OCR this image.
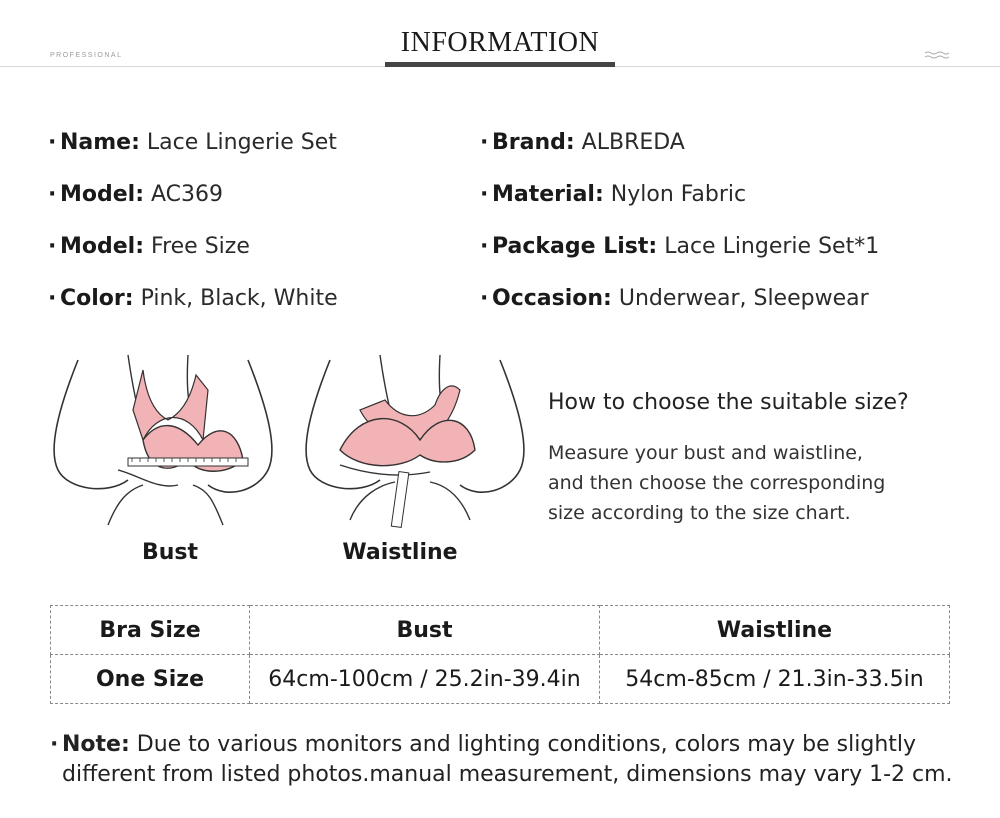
PROFESSIONAL	INFORMATION
· Name: Lace Lingerie Set
· Model: AC369
· Model: Free Size
· Color: Pink, Black, White
· Brand: ALBREDA
· Material: Nylon Fabric
· Package List: Lace Lingerie Set*1
· Occasion: Underwear, Sleepwear
Bust	Waistline
How to choose the suitable size?
Measure your bust and waistline,
and then choose the corresponding
size according to the size chart.
Bra Size	Bust	Waistline
One Size	64cm-100cm / 25.2in-39.4in	54cm-85cm / 21.3in-33.5in
· Note: Due to various monitors and lighting conditions, colors may be slightly
different from listed photos.manual measurement, dimensions may vary 1-2 cm.
